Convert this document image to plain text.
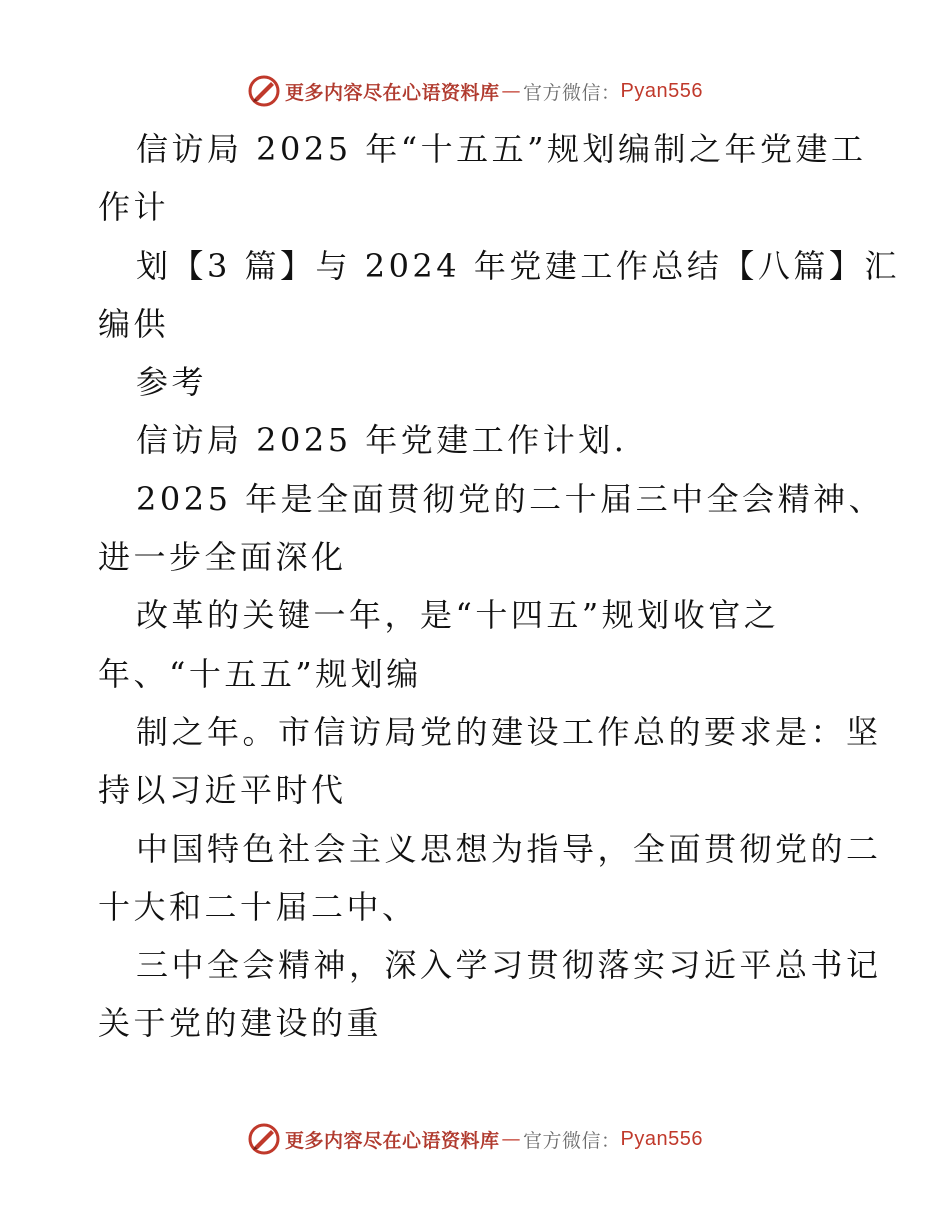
更多内容尽在心语资料库 — 官方微信： Pyan556
信访局 2025 年“十五五”规划编制之年党建工
作计
划【3 篇】与 2024 年党建工作总结【八篇】汇
编供
参考
信访局 2025 年党建工作计划.
2025 年是全面贯彻党的二十届三中全会精神、
进一步全面深化
改革的关键一年，是“十四五”规划收官之
年、“十五五”规划编
制之年。市信访局党的建设工作总的要求是：坚
持以习近平时代
中国特色社会主义思想为指导，全面贯彻党的二
十大和二十届二中、
三中全会精神，深入学习贯彻落实习近平总书记
关于党的建设的重
更多内容尽在心语资料库 — 官方微信： Pyan556
